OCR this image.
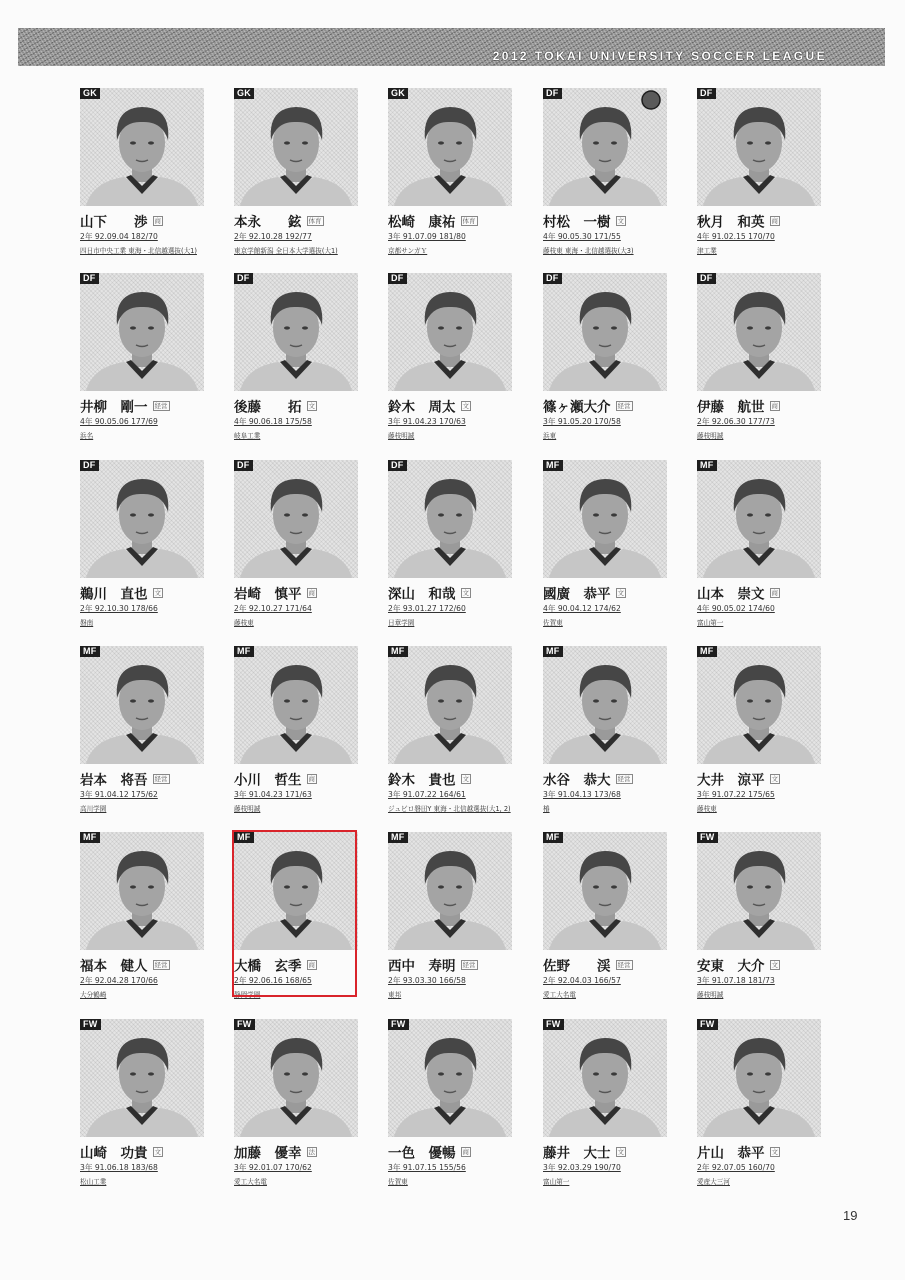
2012 TOKAI UNIVERSITY SOCCER LEAGUE
GK
山下　　渉 商
2年 92.09.04 182/70
四日市中央工業 東海・北信越選抜(大1)
GK
本永　　鉉 体育
2年 92.10.28 192/77
東京学館新潟 全日本大学選抜(大1)
GK
松崎　康祐 体育
3年 91.07.09 181/80
京都サンガＹ
DF
村松　一樹 文
4年 90.05.30 171/55
藤枝東 東海・北信越選抜(大3)
DF
秋月　和英 商
4年 91.02.15 170/70
津工業
DF
井柳　剛一 経営
4年 90.05.06 177/69
浜名
DF
後藤　　拓 文
4年 90.06.18 175/58
岐阜工業
DF
鈴木　周太 文
3年 91.04.23 170/63
藤枝明誠
DF
篠ヶ瀬大介 経営
3年 91.05.20 170/58
浜東
DF
伊藤　航世 商
2年 92.06.30 177/73
藤枝明誠
DF
鵜川　直也 文
2年 92.10.30 178/66
磐南
DF
岩崎　慎平 商
2年 92.10.27 171/64
藤枝東
DF
深山　和哉 文
2年 93.01.27 172/60
日章学園
MF
國廣　恭平 文
4年 90.04.12 174/62
佐賀東
MF
山本　崇文 商
4年 90.05.02 174/60
富山第一
MF
岩本　将吾 経営
3年 91.04.12 175/62
高川学園
MF
小川　哲生 商
3年 91.04.23 171/63
藤枝明誠
MF
鈴木　貴也 文
3年 91.07.22 164/61
ジュビロ磐田Y 東海・北信越選抜(大1, 2)
MF
水谷　恭大 経営
3年 91.04.13 173/68
椿
MF
大井　涼平 文
3年 91.07.22 175/65
藤枝東
MF
福本　健人 経営
2年 92.04.28 170/66
大分鶴崎
MF
大橋　玄季 商
2年 92.06.16 168/65
静岡学園
MF
西中　寿明 経営
2年 93.03.30 166/58
東邦
MF
佐野　　渓 経営
2年 92.04.03 166/57
愛工大名電
FW
安東　大介 文
3年 91.07.18 181/73
藤枝明誠
FW
山崎　功貴 文
3年 91.06.18 183/68
松山工業
FW
加藤　優幸 法
3年 92.01.07 170/62
愛工大名電
FW
一色　優暢 商
3年 91.07.15 155/56
佐賀東
FW
藤井　大士 文
3年 92.03.29 190/70
富山第一
FW
片山　恭平 文
2年 92.07.05 160/70
愛産大三河
19
